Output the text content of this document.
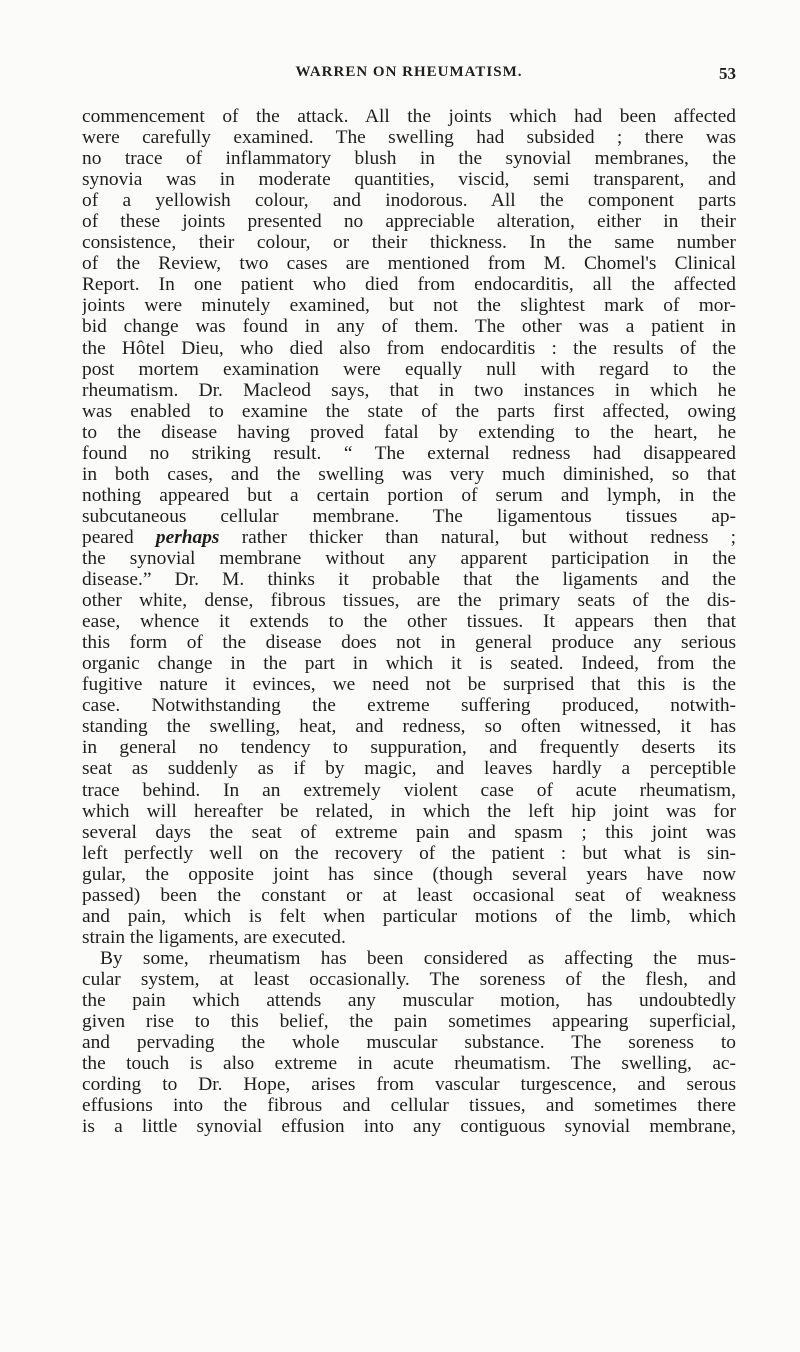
WARREN ON RHEUMATISM.	53
commencement of the attack. All the joints which had been affected
were carefully examined. The swelling had subsided ; there was
no trace of inflammatory blush in the synovial membranes, the
synovia was in moderate quantities, viscid, semi transparent, and
of a yellowish colour, and inodorous. All the component parts
of these joints presented no appreciable alteration, either in their
consistence, their colour, or their thickness. In the same number
of the Review, two cases are mentioned from M. Chomel's Clinical
Report. In one patient who died from endocarditis, all the affected
joints were minutely examined, but not the slightest mark of mor-
bid change was found in any of them. The other was a patient in
the Hôtel Dieu, who died also from endocarditis : the results of the
post mortem examination were equally null with regard to the
rheumatism. Dr. Macleod says, that in two instances in which he
was enabled to examine the state of the parts first affected, owing
to the disease having proved fatal by extending to the heart, he
found no striking result. “ The external redness had disappeared
in both cases, and the swelling was very much diminished, so that
nothing appeared but a certain portion of serum and lymph, in the
subcutaneous cellular membrane. The ligamentous tissues ap-
peared perhaps rather thicker than natural, but without redness ;
the synovial membrane without any apparent participation in the
disease.” Dr. M. thinks it probable that the ligaments and the
other white, dense, fibrous tissues, are the primary seats of the dis-
ease, whence it extends to the other tissues. It appears then that
this form of the disease does not in general produce any serious
organic change in the part in which it is seated. Indeed, from the
fugitive nature it evinces, we need not be surprised that this is the
case. Notwithstanding the extreme suffering produced, notwith-
standing the swelling, heat, and redness, so often witnessed, it has
in general no tendency to suppuration, and frequently deserts its
seat as suddenly as if by magic, and leaves hardly a perceptible
trace behind. In an extremely violent case of acute rheumatism,
which will hereafter be related, in which the left hip joint was for
several days the seat of extreme pain and spasm ; this joint was
left perfectly well on the recovery of the patient : but what is sin-
gular, the opposite joint has since (though several years have now
passed) been the constant or at least occasional seat of weakness
and pain, which is felt when particular motions of the limb, which
strain the ligaments, are executed.
By some, rheumatism has been considered as affecting the mus-
cular system, at least occasionally. The soreness of the flesh, and
the pain which attends any muscular motion, has undoubtedly
given rise to this belief, the pain sometimes appearing superficial,
and pervading the whole muscular substance. The soreness to
the touch is also extreme in acute rheumatism. The swelling, ac-
cording to Dr. Hope, arises from vascular turgescence, and serous
effusions into the fibrous and cellular tissues, and sometimes there
is a little synovial effusion into any contiguous synovial membrane,
